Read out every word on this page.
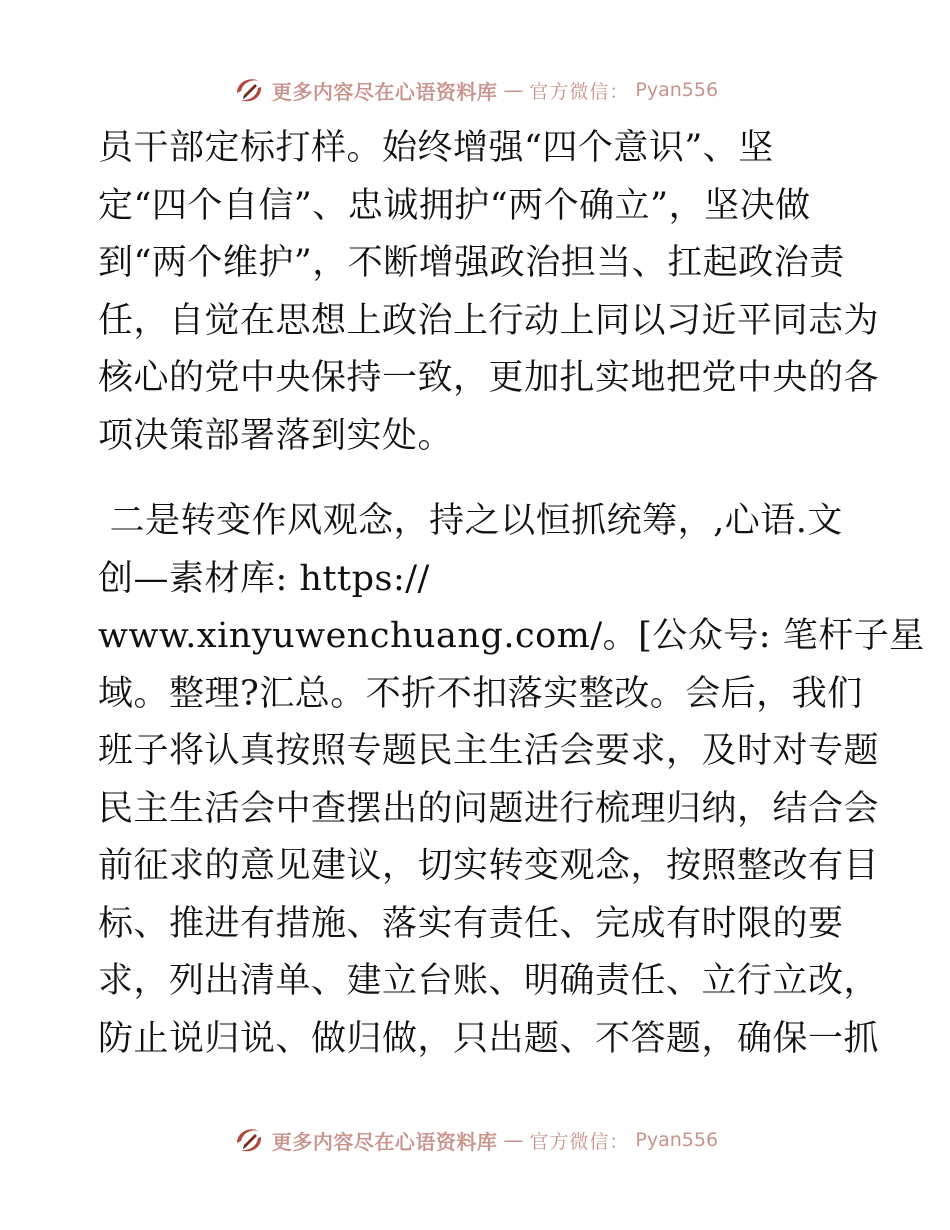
更多内容尽在心语资料库 — 官方微信： Pyan556
员干部定标打样。始终增强“四个意识”、坚
定“四个自信”、忠诚拥护“两个确立”，坚决做
到“两个维护”，不断增强政治担当、扛起政治责
任，自觉在思想上政治上行动上同以习近平同志为
核心的党中央保持一致，更加扎实地把党中央的各
项决策部署落到实处。
二是转变作风观念，持之以恒抓统筹，,心语.文
创—素材库: https://
www.xinyuwenchuang.com/。[公众号: 笔杆子星
域。整理?汇总。不折不扣落实整改。会后，我们
班子将认真按照专题民主生活会要求，及时对专题
民主生活会中查摆出的问题进行梳理归纳，结合会
前征求的意见建议，切实转变观念，按照整改有目
标、推进有措施、落实有责任、完成有时限的要
求，列出清单、建立台账、明确责任、立行立改，
防止说归说、做归做，只出题、不答题，确保一抓
更多内容尽在心语资料库 — 官方微信： Pyan556
